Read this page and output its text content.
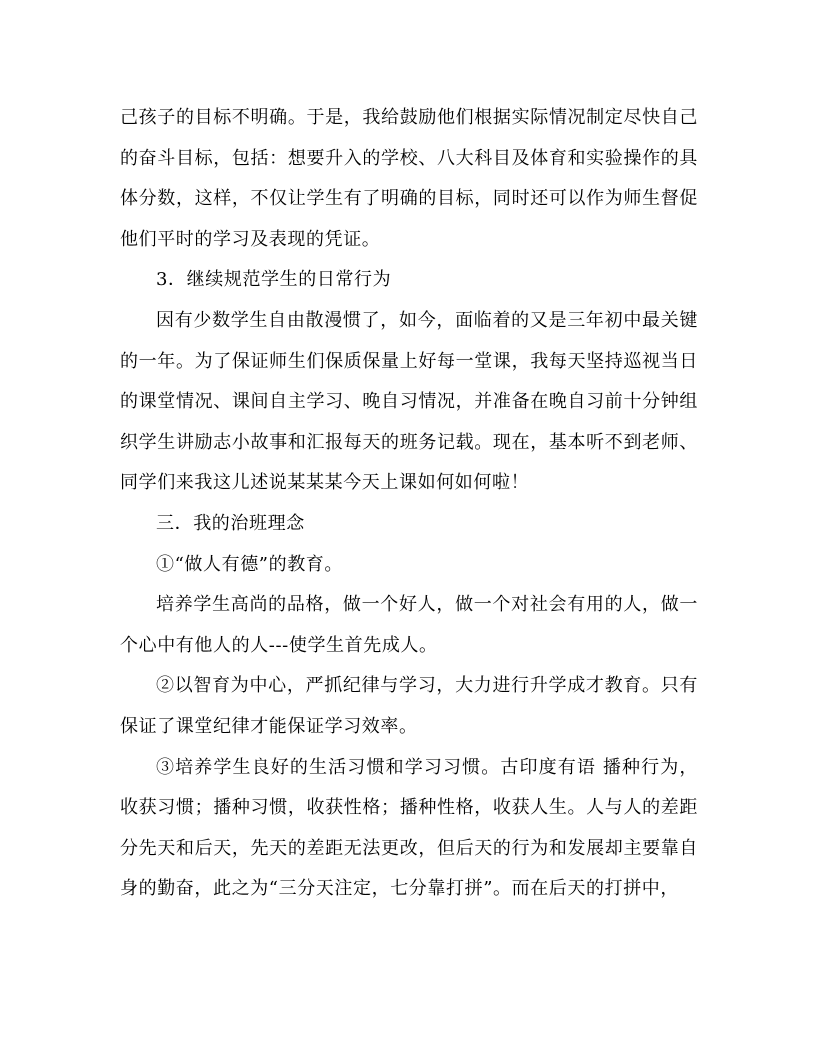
己孩子的目标不明确。于是，我给鼓励他们根据实际情况制定尽快自己的奋斗目标，包括：想要升入的学校、八大科目及体育和实验操作的具体分数，这样，不仅让学生有了明确的目标，同时还可以作为师生督促他们平时的学习及表现的凭证。

3．继续规范学生的日常行为

因有少数学生自由散漫惯了，如今，面临着的又是三年初中最关键的一年。为了保证师生们保质保量上好每一堂课，我每天坚持巡视当日的课堂情况、课间自主学习、晚自习情况，并准备在晚自习前十分钟组织学生讲励志小故事和汇报每天的班务记载。现在，基本听不到老师、同学们来我这儿述说某某某今天上课如何如何啦！

三．我的治班理念

①“做人有德”的教育。

培养学生高尚的品格，做一个好人，做一个对社会有用的人，做一个心中有他人的人---使学生首先成人。

②以智育为中心，严抓纪律与学习，大力进行升学成才教育。只有保证了课堂纪律才能保证学习效率。

③培养学生良好的生活习惯和学习习惯。古印度有语 播种行为，收获习惯；播种习惯，收获性格；播种性格，收获人生。人与人的差距分先天和后天，先天的差距无法更改，但后天的行为和发展却主要靠自身的勤奋，此之为“三分天注定，七分靠打拼”。而在后天的打拼中，
